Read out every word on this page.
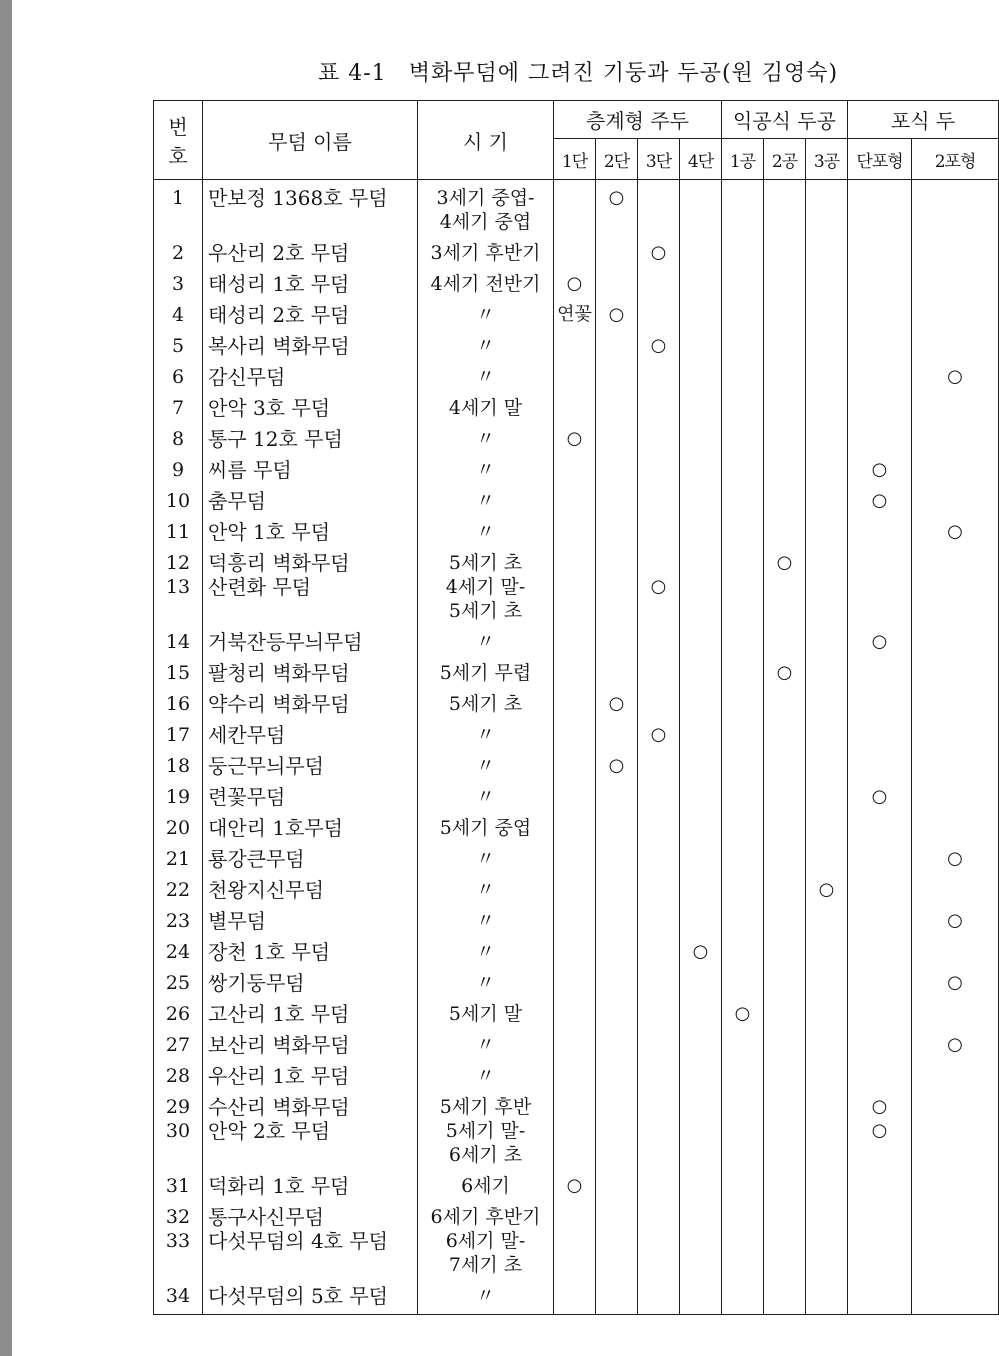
표 4-1 벽화무덤에 그려진 기둥과 두공(원 김영숙)
번
호	무덤 이름	시 기	층계형 주두				익공식 두공			포식 두	
			1단	2단	3단	4단	1공	2공	3공	단포형	2포형
1	만보정 1368호 무덤	3세기 중엽-
4세기 중엽		○							
2	우산리 2호 무덤	3세기 후반기			○						
3	태성리 1호 무덤	4세기 전반기	○								
4	태성리 2호 무덤	〃	연꽃	○							
5	복사리 벽화무덤	〃			○						
6	감신무덤	〃									○
7	안악 3호 무덤	4세기 말									

8	통구 12호 무덤	〃	○								
9	씨름 무덤	〃								○	
10	춤무덤	〃								○	
11	안악 1호 무덤	〃									○
12	덕흥리 벽화무덤	5세기 초						○			
13	산련화 무덤	4세기 말-
5세기 초			○						
14	거북잔등무늬무덤	〃								○	
15	팔청리 벽화무덤	5세기 무렵						○			
16	약수리 벽화무덤	5세기 초		○							
17	세칸무덤	〃			○						
18	둥근무늬무덤	〃		○							
19	련꽃무덤	〃								○	
20	대안리 1호무덤	5세기 중엽									

21	룡강큰무덤	〃									○
22	천왕지신무덤	〃							○		
23	별무덤	〃									○
24	장천 1호 무덤	〃				○					
25	쌍기둥무덤	〃									○
26	고산리 1호 무덤	5세기 말					○				
27	보산리 벽화무덤	〃									○
28	우산리 1호 무덤	〃									

29	수산리 벽화무덤	5세기 후반								○	
30	안악 2호 무덤	5세기 말-
6세기 초								○	
31	덕화리 1호 무덤	6세기	○								
32	통구사신무덤	6세기 후반기									

33	다섯무덤의 4호 무덤	6세기 말-
7세기 초									

34	다섯무덤의 5호 무덤	〃									
